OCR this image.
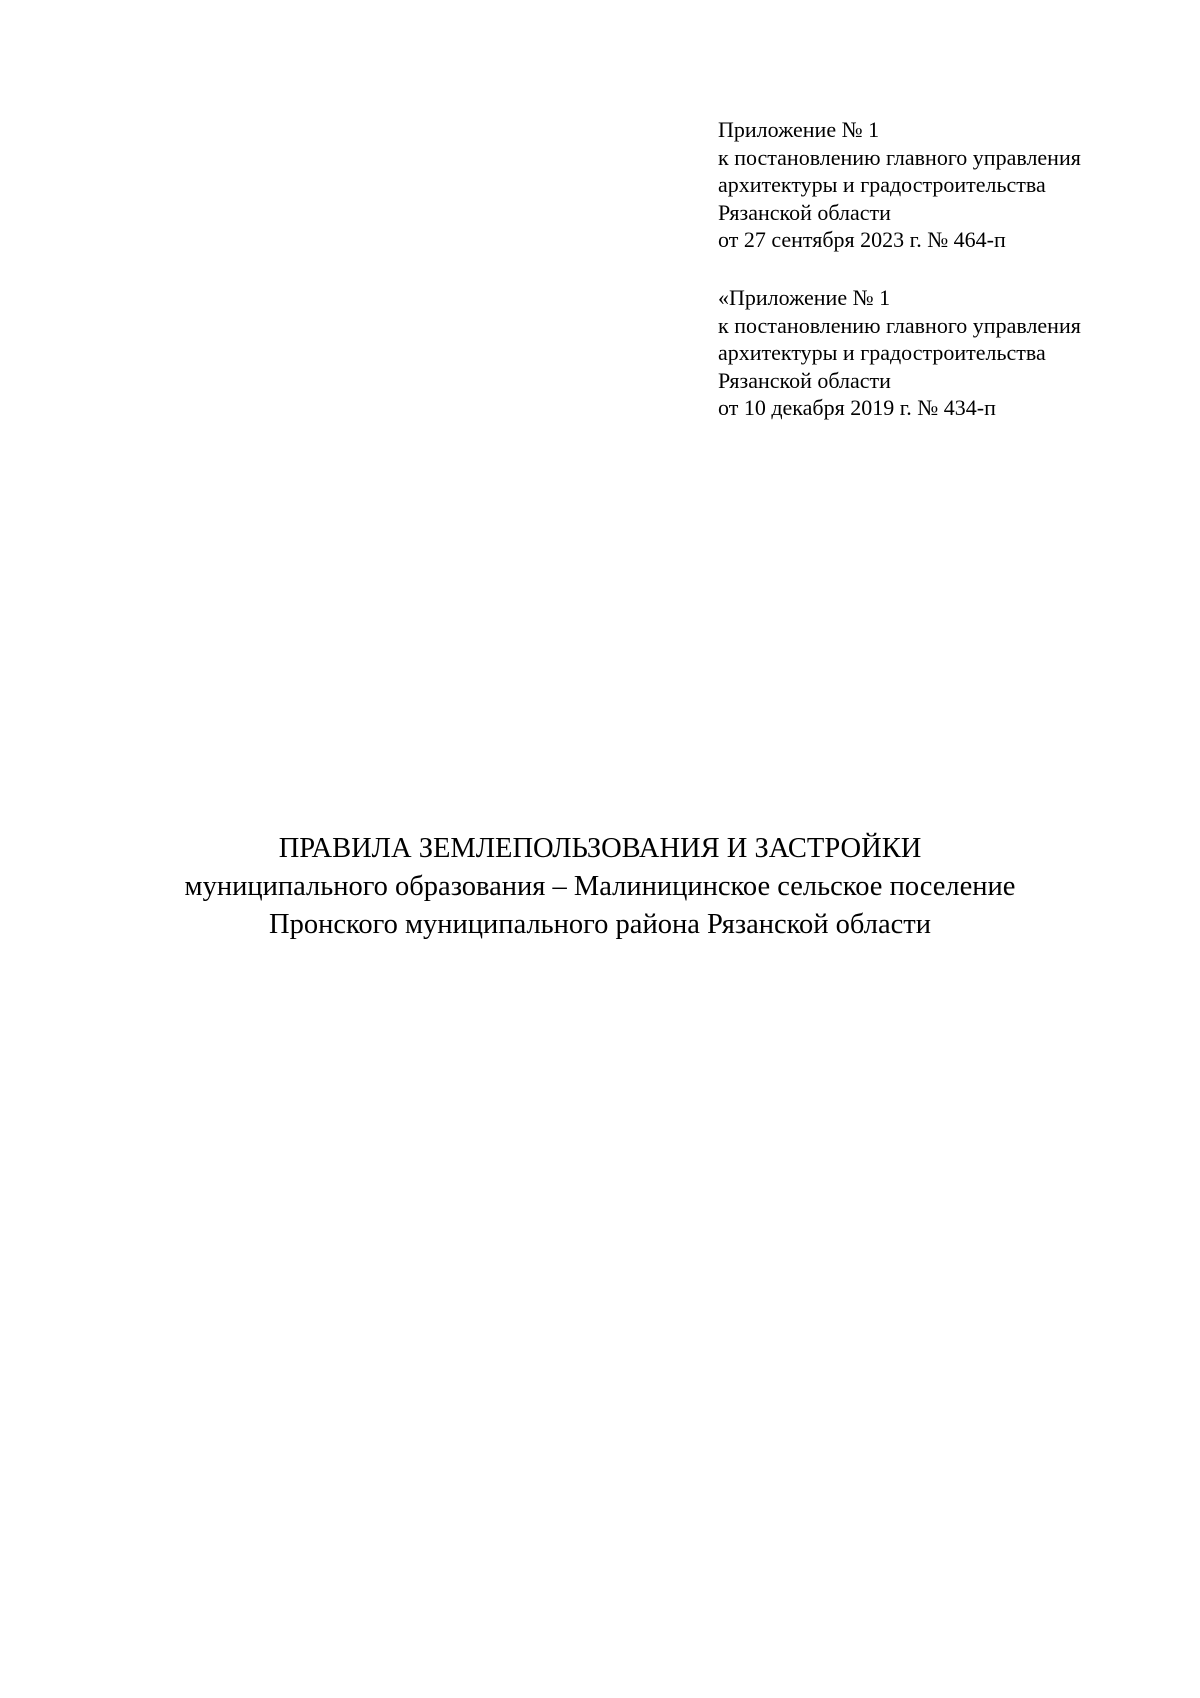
Приложение № 1
к постановлению главного управления
архитектуры и градостроительства
Рязанской области
от 27 сентября 2023 г. № 464-п
«Приложение № 1
к постановлению главного управления
архитектуры и градостроительства
Рязанской области
от 10 декабря 2019 г. № 434-п
ПРАВИЛА ЗЕМЛЕПОЛЬЗОВАНИЯ И ЗАСТРОЙКИ
муниципального образования – Малиницинское сельское поселение
Пронского муниципального района Рязанской области
